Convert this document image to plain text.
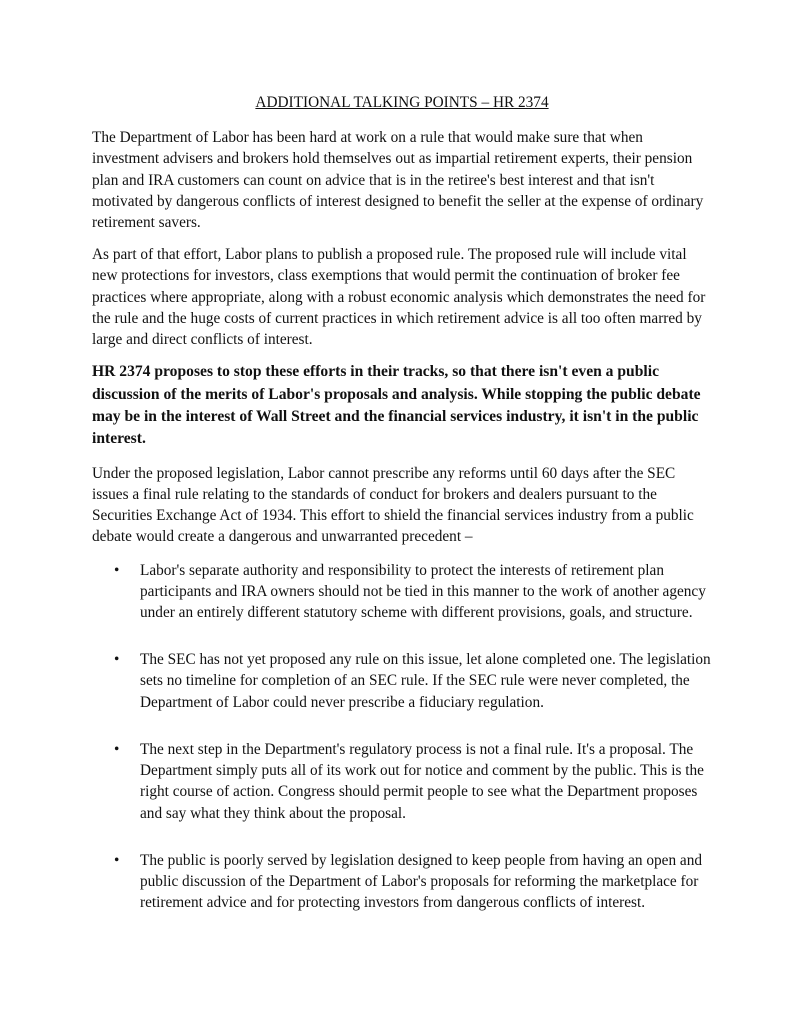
ADDITIONAL TALKING POINTS – HR 2374

The Department of Labor has been hard at work on a rule that would make sure that when investment advisers and brokers hold themselves out as impartial retirement experts, their pension plan and IRA customers can count on advice that is in the retiree's best interest and that isn't motivated by dangerous conflicts of interest designed to benefit the seller at the expense of ordinary retirement savers.

As part of that effort, Labor plans to publish a proposed rule. The proposed rule will include vital new protections for investors, class exemptions that would permit the continuation of broker fee practices where appropriate, along with a robust economic analysis which demonstrates the need for the rule and the huge costs of current practices in which retirement advice is all too often marred by large and direct conflicts of interest.

HR 2374 proposes to stop these efforts in their tracks, so that there isn't even a public discussion of the merits of Labor's proposals and analysis. While stopping the public debate may be in the interest of Wall Street and the financial services industry, it isn't in the public interest.

Under the proposed legislation, Labor cannot prescribe any reforms until 60 days after the SEC issues a final rule relating to the standards of conduct for brokers and dealers pursuant to the Securities Exchange Act of 1934. This effort to shield the financial services industry from a public debate would create a dangerous and unwarranted precedent –

• Labor's separate authority and responsibility to protect the interests of retirement plan participants and IRA owners should not be tied in this manner to the work of another agency under an entirely different statutory scheme with different provisions, goals, and structure.
• The SEC has not yet proposed any rule on this issue, let alone completed one. The legislation sets no timeline for completion of an SEC rule. If the SEC rule were never completed, the Department of Labor could never prescribe a fiduciary regulation.
• The next step in the Department's regulatory process is not a final rule. It's a proposal. The Department simply puts all of its work out for notice and comment by the public. This is the right course of action. Congress should permit people to see what the Department proposes and say what they think about the proposal.
• The public is poorly served by legislation designed to keep people from having an open and public discussion of the Department of Labor's proposals for reforming the marketplace for retirement advice and for protecting investors from dangerous conflicts of interest.
